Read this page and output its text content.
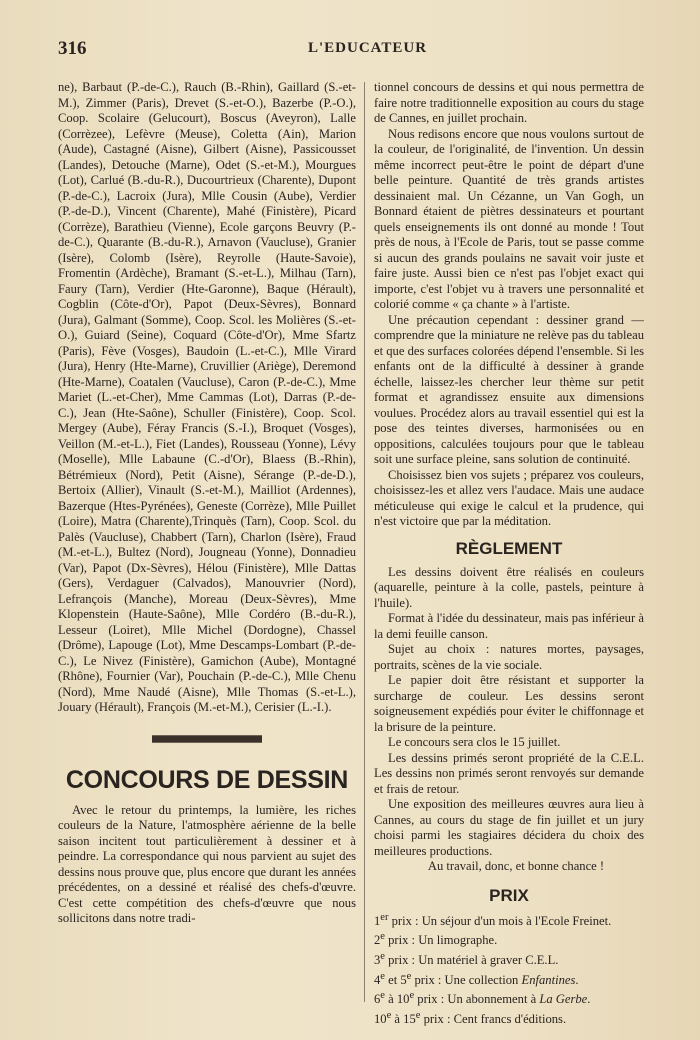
316	L'EDUCATEUR

ne), Barbaut (P.-de-C.), Rauch (B.-Rhin), Gaillard (S.-et-M.), Zimmer (Paris), Drevet (S.-et-O.), Bazerbe (P.-O.), Coop. Scolaire (Gelucourt), Boscus (Aveyron), Lalle (Corrèzee), Lefèvre (Meuse), Coletta (Ain), Marion (Aude), Castagné (Aisne), Gilbert (Aisne), Passicousset (Landes), Detouche (Marne), Odet (S.-et-M.), Mourgues (Lot), Carlué (B.-du-R.), Ducourtrieux (Charente), Dupont (P.-de-C.), Lacroix (Jura), Mlle Cousin (Aube), Verdier (P.-de-D.), Vincent (Charente), Mahé (Finistère), Picard (Corrèze), Barathieu (Vienne), Ecole garçons Beuvry (P.-de-C.), Quarante (B.-du-R.), Arnavon (Vaucluse), Granier (Isère), Colomb (Isère), Reyrolle (Haute-Savoie), Fromentin (Ardèche), Bramant (S.-et-L.), Milhau (Tarn), Faury (Tarn), Verdier (Hte-Garonne), Baque (Hérault), Cogblin (Côte-d'Or), Papot (Deux-Sèvres), Bonnard (Jura), Galmant (Somme), Coop. Scol. les Molières (S.-et-O.), Guiard (Seine), Coquard (Côte-d'Or), Mme Sfartz (Paris), Fève (Vosges), Baudoin (L.-et-C.), Mlle Virard (Jura), Henry (Hte-Marne), Cruvillier (Ariège), Deremond (Hte-Marne), Coatalen (Vaucluse), Caron (P.-de-C.), Mme Mariet (L.-et-Cher), Mme Cammas (Lot), Darras (P.-de-C.), Jean (Hte-Saône), Schuller (Finistère), Coop. Scol. Mergey (Aube), Féray Francis (S.-I.), Broquet (Vosges), Veillon (M.-et-L.), Fiet (Landes), Rousseau (Yonne), Lévy (Moselle), Mlle Labaune (C.-d'Or), Blaess (B.-Rhin), Bétrémieux (Nord), Petit (Aisne), Sérange (P.-de-D.), Bertoix (Allier), Vinault (S.-et-M.), Mailliot (Ardennes), Bazerque (Htes-Pyrénées), Geneste (Corrèze), Mlle Puillet (Loire), Matra (Charente),Trinquès (Tarn), Coop. Scol. du Palès (Vaucluse), Chabbert (Tarn), Charlon (Isère), Fraud (M.-et-L.), Bultez (Nord), Jougneau (Yonne), Donnadieu (Var), Papot (Dx-Sèvres), Hélou (Finistère), Mlle Dattas (Gers), Verdaguer (Calvados), Manouvrier (Nord), Lefrançois (Manche), Moreau (Deux-Sèvres), Mme Klopenstein (Haute-Saône), Mlle Cordéro (B.-du-R.), Lesseur (Loiret), Mlle Michel (Dordogne), Chassel (Drôme), Lapouge (Lot), Mme Descamps-Lombart (P.-de-C.), Le Nivez (Finistère), Gamichon (Aube), Montagné (Rhône), Fournier (Var), Pouchain (P.-de-C.), Mlle Chenu (Nord), Mme Naudé (Aisne), Mlle Thomas (S.-et-L.), Jouary (Hérault), François (M.-et-M.), Cerisier (L.-I.).

CONCOURS DE DESSIN

Avec le retour du printemps, la lumière, les riches couleurs de la Nature, l'atmosphère aérienne de la belle saison incitent tout particulièrement à dessiner et à peindre. La correspondance qui nous parvient au sujet des dessins nous prouve que, plus encore que durant les années précédentes, on a dessiné et réalisé des chefs-d'œuvre. C'est cette compétition des chefs-d'œuvre que nous sollicitons dans notre tradi-

tionnel concours de dessins et qui nous permettra de faire notre traditionnelle exposition au cours du stage de Cannes, en juillet prochain.

Nous redisons encore que nous voulons surtout de la couleur, de l'originalité, de l'invention. Un dessin même incorrect peut-être le point de départ d'une belle peinture. Quantité de très grands artistes dessinaient mal. Un Cézanne, un Van Gogh, un Bonnard étaient de piètres dessinateurs et pourtant quels enseignements ils ont donné au monde ! Tout près de nous, à l'Ecole de Paris, tout se passe comme si aucun des grands poulains ne savait voir juste et faire juste. Aussi bien ce n'est pas l'objet exact qui importe, c'est l'objet vu à travers une personnalité et colorié comme « ça chante » à l'artiste.

Une précaution cependant : dessiner grand — comprendre que la miniature ne relève pas du tableau et que des surfaces colorées dépend l'ensemble. Si les enfants ont de la difficulté à dessiner à grande échelle, laissez-les chercher leur thème sur petit format et agrandissez ensuite aux dimensions voulues. Procédez alors au travail essentiel qui est la pose des teintes diverses, harmonisées ou en oppositions, calculées toujours pour que le tableau soit une surface pleine, sans solution de continuité.

Choisissez bien vos sujets ; préparez vos couleurs, choisissez-les et allez vers l'audace. Mais une audace méticuleuse qui exige le calcul et la prudence, qui n'est victoire que par la méditation.

RÈGLEMENT

Les dessins doivent être réalisés en couleurs (aquarelle, peinture à la colle, pastels, peinture à l'huile).

Format à l'idée du dessinateur, mais pas inférieur à la demi feuille canson.

Sujet au choix : natures mortes, paysages, portraits, scènes de la vie sociale.

Le papier doit être résistant et supporter la surcharge de couleur. Les dessins seront soigneusement expédiés pour éviter le chiffonnage et la brisure de la peinture.

Le concours sera clos le 15 juillet.

Les dessins primés seront propriété de la C.E.L. Les dessins non primés seront renvoyés sur demande et frais de retour.

Une exposition des meilleures œuvres aura lieu à Cannes, au cours du stage de fin juillet et un jury choisi parmi les stagiaires décidera du choix des meilleures productions.

Au travail, donc, et bonne chance !

PRIX

1er prix : Un séjour d'un mois à l'Ecole Freinet.

2e prix : Un limographe.

3e prix : Un matériel à graver C.E.L.

4e et 5e prix : Une collection Enfantines.

6e à 10e prix : Un abonnement à La Gerbe.

10e à 15e prix : Cent francs d'éditions.
